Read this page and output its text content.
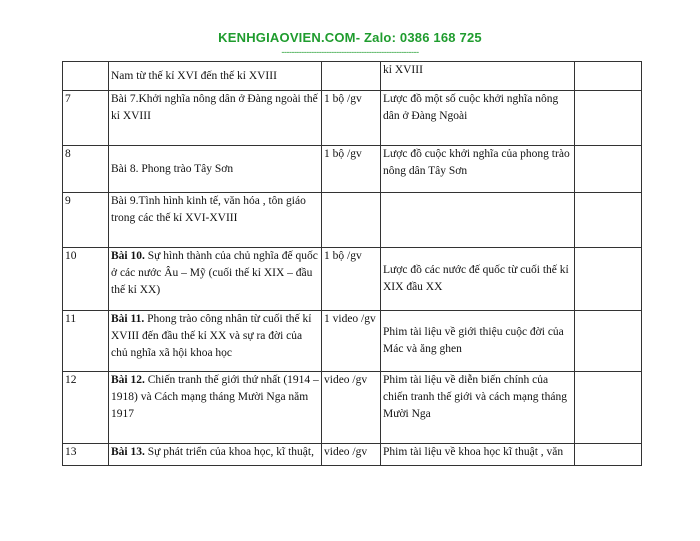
KENHGIAOVIEN.COM- Zalo: 0386 168 725
-------------------------------------------------------
	Nam từ thế kỉ XVI đến thế kỉ XVIII		kỉ XVIII	
7	Bài 7.Khởi nghĩa nông dân ở Đàng ngoài thế kỉ XVIII	1 bộ /gv	Lược đồ một số cuộc khởi nghĩa nông dân ở Đàng Ngoài	
8	Bài 8. Phong trào Tây Sơn	1 bộ /gv	Lược đồ cuộc khởi nghĩa của phong trào nông dân Tây Sơn	
9	Bài 9.Tình hình kinh tế, văn hóa , tôn giáo trong các thế kỉ XVI-XVIII			
10	Bài 10. Sự hình thành của chủ nghĩa đế quốc ở các nước Âu – Mỹ (cuối thế kỉ XIX – đầu thế kỉ XX)	1 bộ /gv	Lược đồ các nước đế quốc từ cuối thế kỉ XIX đầu XX	
11	Bài 11. Phong trào công nhân từ cuối thế kỉ XVIII đến đầu thế kỉ XX và sự ra đời của chủ nghĩa xã hội khoa học	1 video /gv	Phim tài liệu về giới thiệu cuộc đời của Mác và ăng ghen	
12	Bài 12. Chiến tranh thế giới thứ nhất (1914 – 1918) và Cách mạng tháng Mười Nga năm 1917	video /gv	Phim tài liệu về diễn biến chính của chiến tranh thế giới và cách mạng tháng Mười Nga	
13	Bài 13. Sự phát triển của khoa học, kĩ thuật,	video /gv	Phim tài liệu về khoa học kĩ thuật , văn	
